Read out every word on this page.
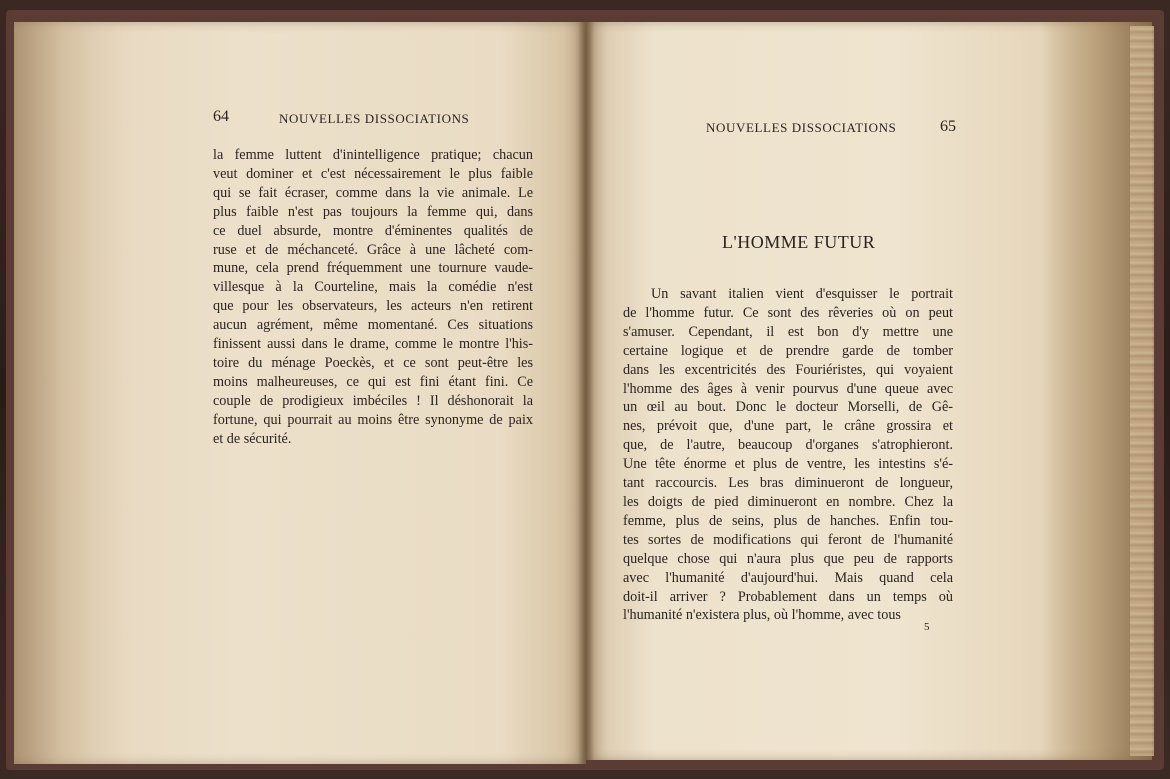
64	NOUVELLES DISSOCIATIONS
la femme luttent d'inintelligence pratique; chacun
veut dominer et c'est nécessairement le plus faible
qui se fait écraser, comme dans la vie animale. Le
plus faible n'est pas toujours la femme qui, dans
ce duel absurde, montre d'éminentes qualités de
ruse et de méchanceté. Grâce à une lâcheté com-
mune, cela prend fréquemment une tournure vaude-
villesque à la Courteline, mais la comédie n'est
que pour les observateurs, les acteurs n'en retirent
aucun agrément, même momentané. Ces situations
finissent aussi dans le drame, comme le montre l'his-
toire du ménage Poeckès, et ce sont peut-être les
moins malheureuses, ce qui est fini étant fini. Ce
couple de prodigieux imbéciles ! Il déshonorait la
fortune, qui pourrait au moins être synonyme de paix
et de sécurité.
NOUVELLES DISSOCIATIONS	65
L'HOMME FUTUR
Un savant italien vient d'esquisser le portrait
de l'homme futur. Ce sont des rêveries où on peut
s'amuser. Cependant, il est bon d'y mettre une
certaine logique et de prendre garde de tomber
dans les excentricités des Fouriéristes, qui voyaient
l'homme des âges à venir pourvus d'une queue avec
un œil au bout. Donc le docteur Morselli, de Gê-
nes, prévoit que, d'une part, le crâne grossira et
que, de l'autre, beaucoup d'organes s'atrophieront.
Une tête énorme et plus de ventre, les intestins s'é-
tant raccourcis. Les bras diminueront de longueur,
les doigts de pied diminueront en nombre. Chez la
femme, plus de seins, plus de hanches. Enfin tou-
tes sortes de modifications qui feront de l'humanité
quelque chose qui n'aura plus que peu de rapports
avec l'humanité d'aujourd'hui. Mais quand cela
doit-il arriver ? Probablement dans un temps où
l'humanité n'existera plus, où l'homme, avec tous
5
